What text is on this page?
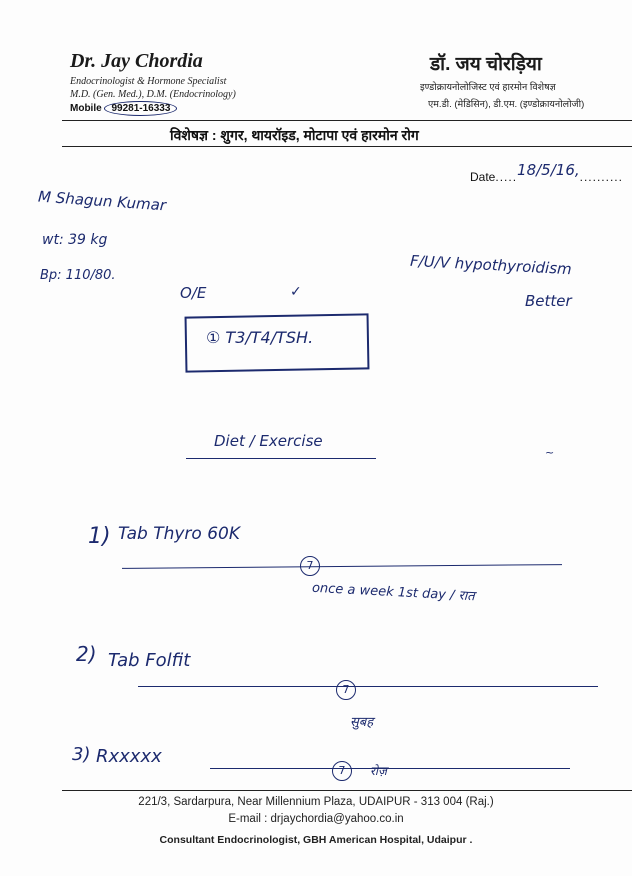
Dr. Jay Chordia
Endocrinologist & Hormone Specialist
M.D. (Gen. Med.), D.M. (Endocrinology)
Mobile 99281-16333
डॉ. जय चोरड़िया
इण्डोक्रायनोलोजिस्ट एवं हारमोन विशेषज्ञ
एम.डी. (मेडिसिन), डी.एम. (इण्डोक्रायनोलोजी)
विशेषज्ञ : शुगर, थायरॉइड, मोटापा एवं हारमोन रोग
Date.....18/5/16,..........
M Shagun Kumar
wt: 39 kg
Bp: 110/80.	F/U/V hypothyroidism
Better
O/E	✓
① T3/T4/TSH.
Diet / Exercise
~
1) Tab Thyro 60K
7
once a week 1st day / रात
2) Tab Folfit
7
सुबह
3) Rxxxxx
7	रोज़
221/3, Sardarpura, Near Millennium Plaza, UDAIPUR - 313 004 (Raj.)
E-mail : drjaychordia@yahoo.co.in
Consultant Endocrinologist, GBH American Hospital, Udaipur .
